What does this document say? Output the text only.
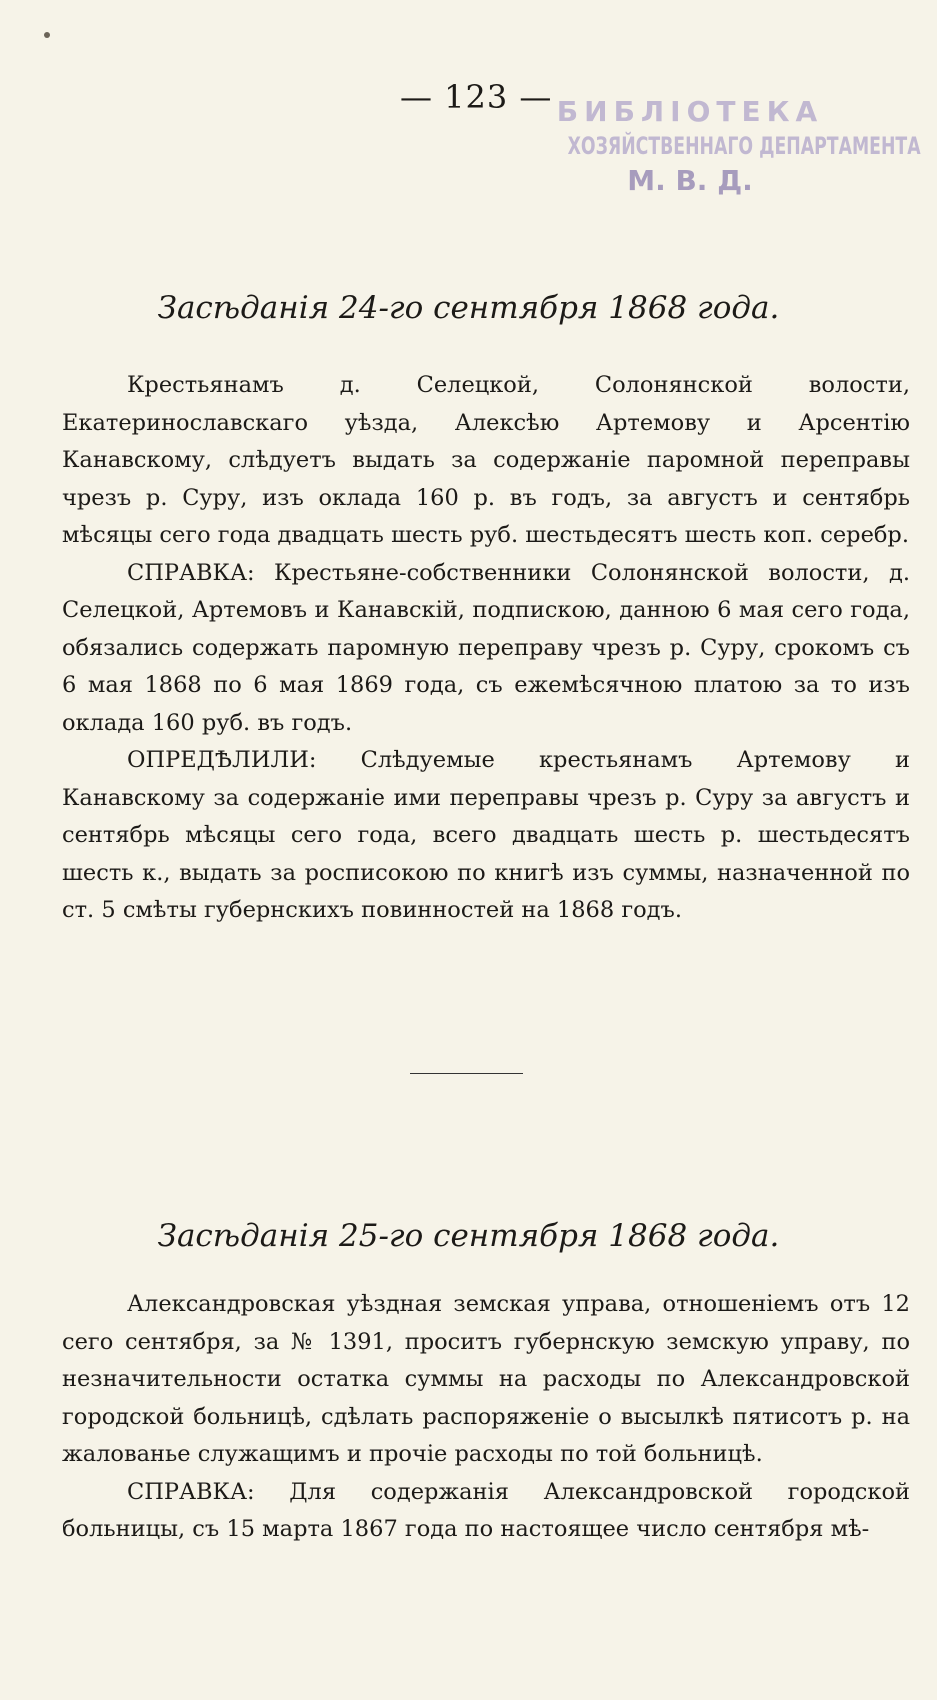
— 123 — БИБЛIОТЕКА
ХОЗЯЙСТВЕННАГО ДЕПАРТАМЕНТА
М. В. Д.
Засѣданiя 24-го сентября 1868 года.

Крестьянамъ д. Селецкой, Солонянской волости, Екатеринославскаго уѣзда, Алексѣю Артемову и Арсентiю Канавскому, слѣдуетъ выдать за содержанiе паромной переправы чрезъ р. Суру, изъ оклада 160 р. въ годъ, за августъ и сентябрь мѣсяцы сего года двадцать шесть руб. шестьдесятъ шесть коп. серебр.

СПРАВКА: Крестьяне-собственники Солонянской волости, д. Селецкой, Артемовъ и Канавскiй, подпискою, данною 6 мая сего года, обязались содержать паромную переправу чрезъ р. Суру, срокомъ съ 6 мая 1868 по 6 мая 1869 года, съ ежемѣсячною платою за то изъ оклада 160 руб. въ годъ.

ОПРЕДѢЛИЛИ: Слѣдуемые крестьянамъ Артемову и Канавскому за содержанiе ими переправы чрезъ р. Суру за августъ и сентябрь мѣсяцы сего года, всего двадцать шесть р. шестьдесятъ шесть к., выдать за росписокою по книгѣ изъ суммы, назначенной по ст. 5 смѣты губернскихъ повинностей на 1868 годъ.

Засѣданiя 25-го сентября 1868 года.

Александровская уѣздная земская управа, отношенiемъ отъ 12 сего сентября, за № 1391, проситъ губернскую земскую управу, по незначительности остатка суммы на расходы по Александровской городской больницѣ, сдѣлать распоряженiе о высылкѣ пятисотъ р. на жалованье служащимъ и прочiе расходы по той больницѣ.

СПРАВКА: Для содержанiя Александровской городской больницы, съ 15 марта 1867 года по настоящее число сентября мѣ-
